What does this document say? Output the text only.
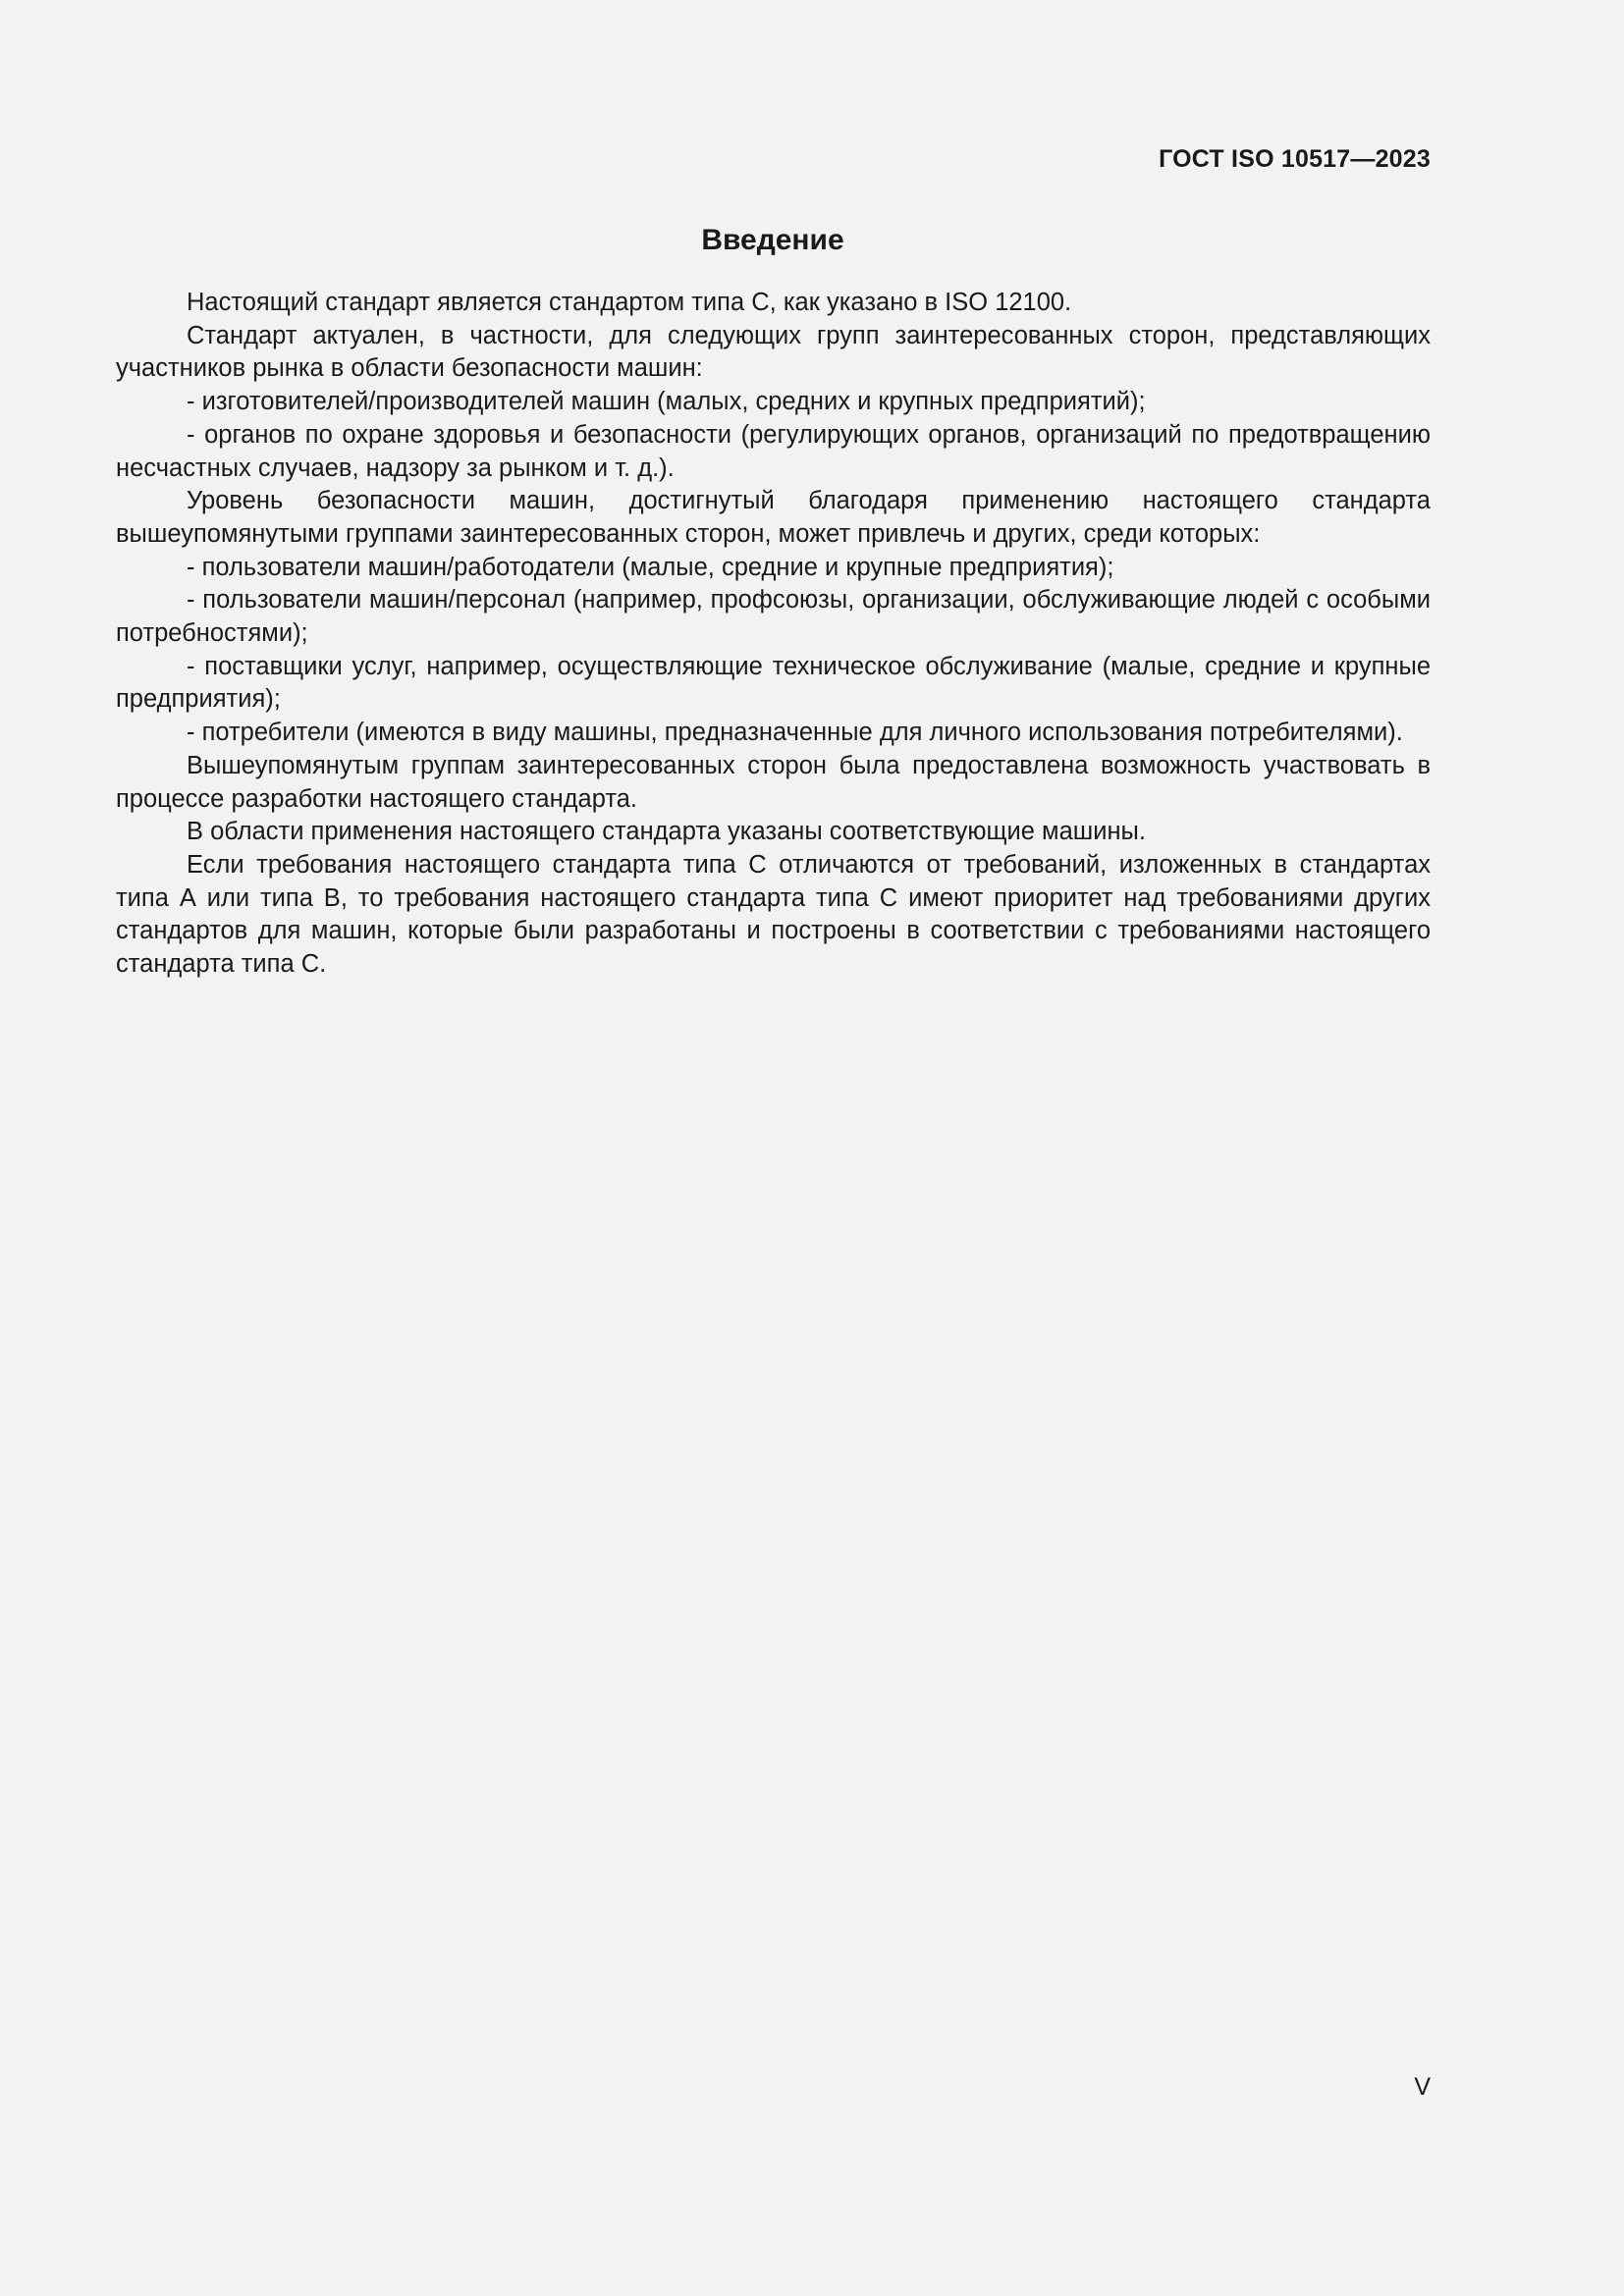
ГОСТ ISO 10517—2023
Введение

Настоящий стандарт является стандартом типа С, как указано в ISO 12100.

Стандарт актуален, в частности, для следующих групп заинтересованных сторон, представляющих участников рынка в области безопасности машин:

- изготовителей/производителей машин (малых, средних и крупных предприятий);

- органов по охране здоровья и безопасности (регулирующих органов, организаций по предотвращению несчастных случаев, надзору за рынком и т. д.).

Уровень безопасности машин, достигнутый благодаря применению настоящего стандарта вышеупомянутыми группами заинтересованных сторон, может привлечь и других, среди которых:

- пользователи машин/работодатели (малые, средние и крупные предприятия);

- пользователи машин/персонал (например, профсоюзы, организации, обслуживающие людей с особыми потребностями);

- поставщики услуг, например, осуществляющие техническое обслуживание (малые, средние и крупные предприятия);

- потребители (имеются в виду машины, предназначенные для личного использования потребителями).

Вышеупомянутым группам заинтересованных сторон была предоставлена возможность участвовать в процессе разработки настоящего стандарта.

В области применения настоящего стандарта указаны соответствующие машины.

Если требования настоящего стандарта типа С отличаются от требований, изложенных в стандартах типа А или типа В, то требования настоящего стандарта типа С имеют приоритет над требованиями других стандартов для машин, которые были разработаны и построены в соответствии с требованиями настоящего стандарта типа С.

V
